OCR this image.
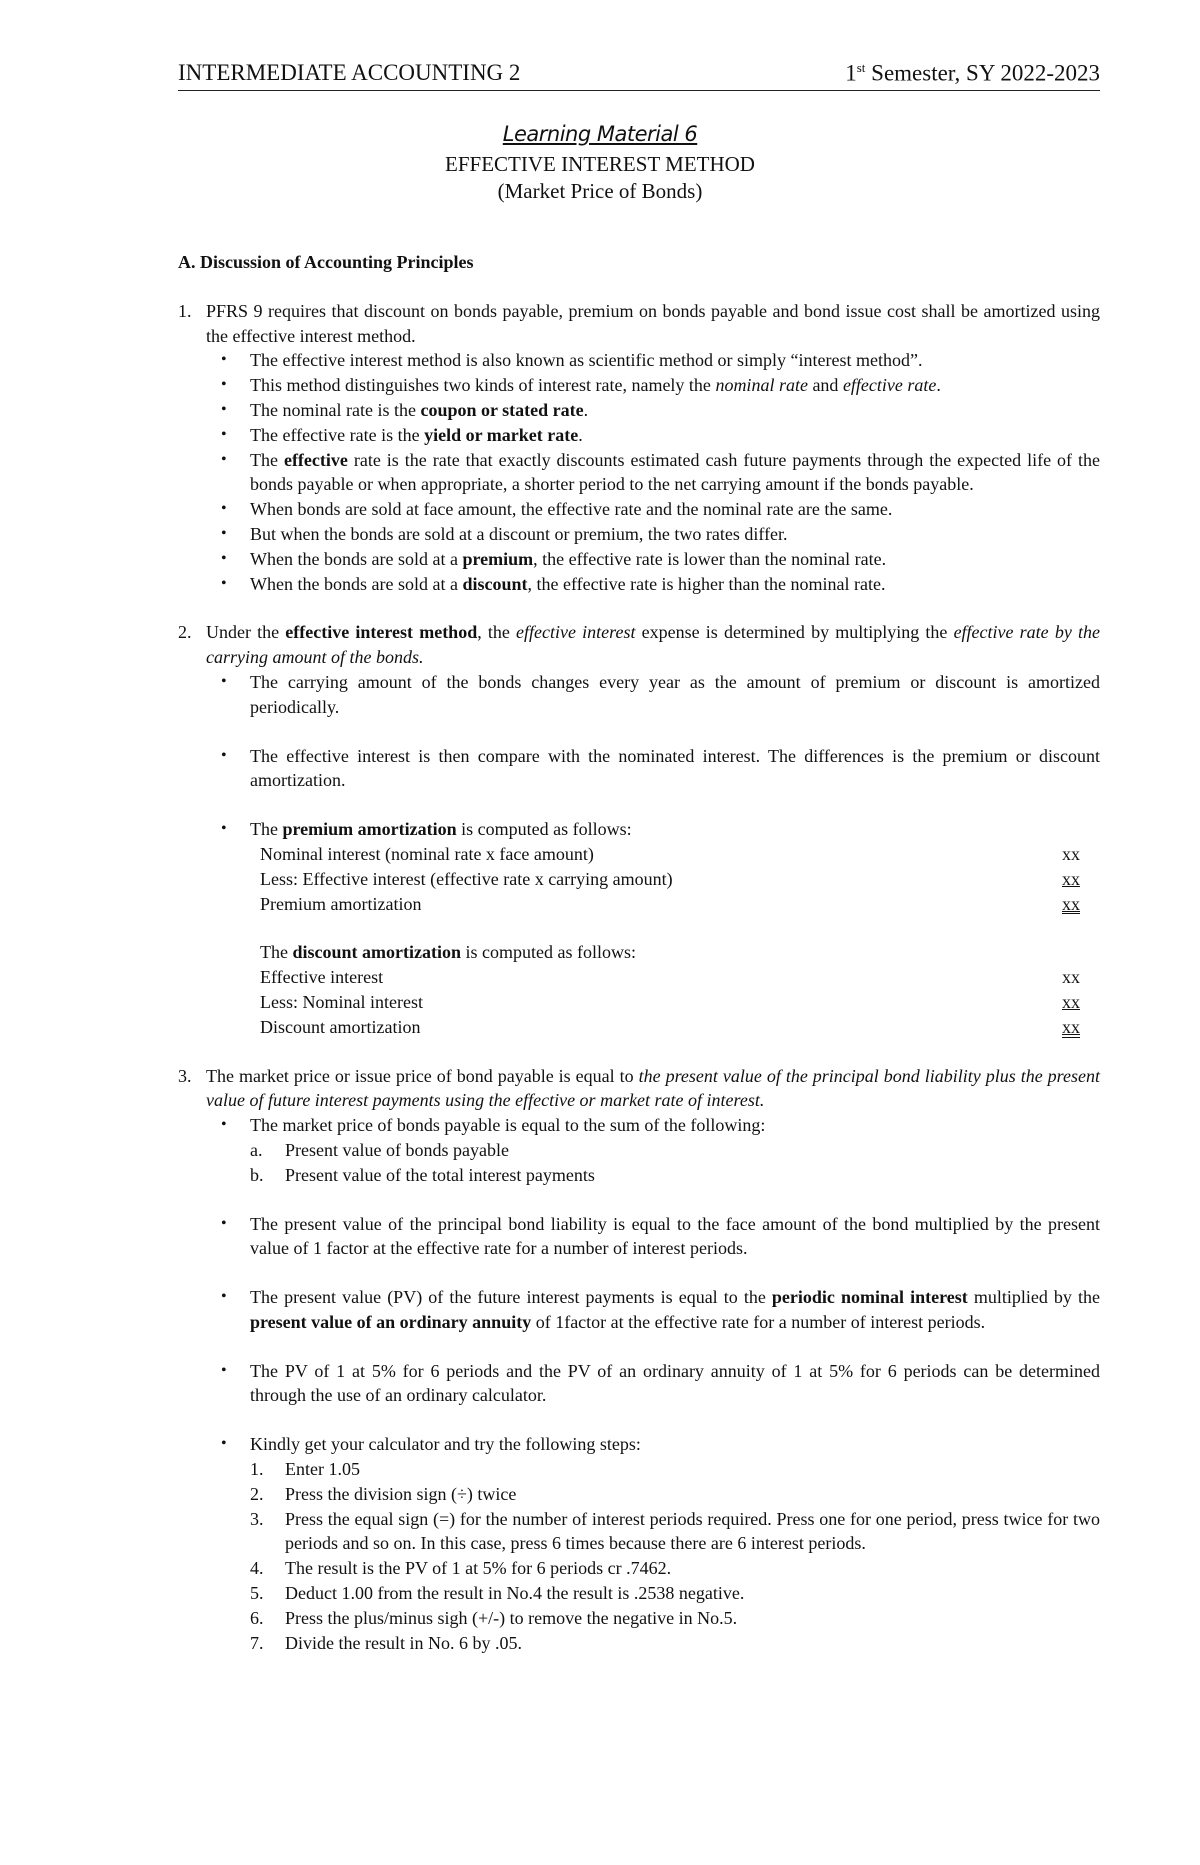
INTERMEDIATE ACCOUNTING 2	1st Semester, SY 2022-2023
Learning Material 6
EFFECTIVE INTEREST METHOD
(Market Price of Bonds)
A. Discussion of Accounting Principles
1. PFRS 9 requires that discount on bonds payable, premium on bonds payable and bond issue cost shall be amortized using the effective interest method.
• The effective interest method is also known as scientific method or simply “interest method”.
• This method distinguishes two kinds of interest rate, namely the nominal rate and effective rate.
• The nominal rate is the coupon or stated rate.
• The effective rate is the yield or market rate.
• The effective rate is the rate that exactly discounts estimated cash future payments through the expected life of the bonds payable or when appropriate, a shorter period to the net carrying amount if the bonds payable.
• When bonds are sold at face amount, the effective rate and the nominal rate are the same.
• But when the bonds are sold at a discount or premium, the two rates differ.
• When the bonds are sold at a premium, the effective rate is lower than the nominal rate.
• When the bonds are sold at a discount, the effective rate is higher than the nominal rate.
2. Under the effective interest method, the effective interest expense is determined by multiplying the effective rate by the carrying amount of the bonds.
• The carrying amount of the bonds changes every year as the amount of premium or discount is amortized periodically.
• The effective interest is then compare with the nominated interest. The differences is the premium or discount amortization.
• The premium amortization is computed as follows:
Nominal interest (nominal rate x face amount)	xx
Less: Effective interest (effective rate x carrying amount)	xx
Premium amortization	xx
The discount amortization is computed as follows:
Effective interest	xx
Less: Nominal interest	xx
Discount amortization	xx
3. The market price or issue price of bond payable is equal to the present value of the principal bond liability plus the present value of future interest payments using the effective or market rate of interest.
• The market price of bonds payable is equal to the sum of the following:
a.	Present value of bonds payable
b.	Present value of the total interest payments
• The present value of the principal bond liability is equal to the face amount of the bond multiplied by the present value of 1 factor at the effective rate for a number of interest periods.
• The present value (PV) of the future interest payments is equal to the periodic nominal interest multiplied by the present value of an ordinary annuity of 1factor at the effective rate for a number of interest periods.
• The PV of 1 at 5% for 6 periods and the PV of an ordinary annuity of 1 at 5% for 6 periods can be determined through the use of an ordinary calculator.
• Kindly get your calculator and try the following steps:
1.	Enter 1.05
2.	Press the division sign (÷) twice
3.	Press the equal sign (=) for the number of interest periods required. Press one for one period, press twice for two periods and so on. In this case, press 6 times because there are 6 interest periods.
4.	The result is the PV of 1 at 5% for 6 periods cr .7462.
5.	Deduct 1.00 from the result in No.4 the result is .2538 negative.
6.	Press the plus/minus sigh (+/-) to remove the negative in No.5.
7.	Divide the result in No. 6 by .05.
